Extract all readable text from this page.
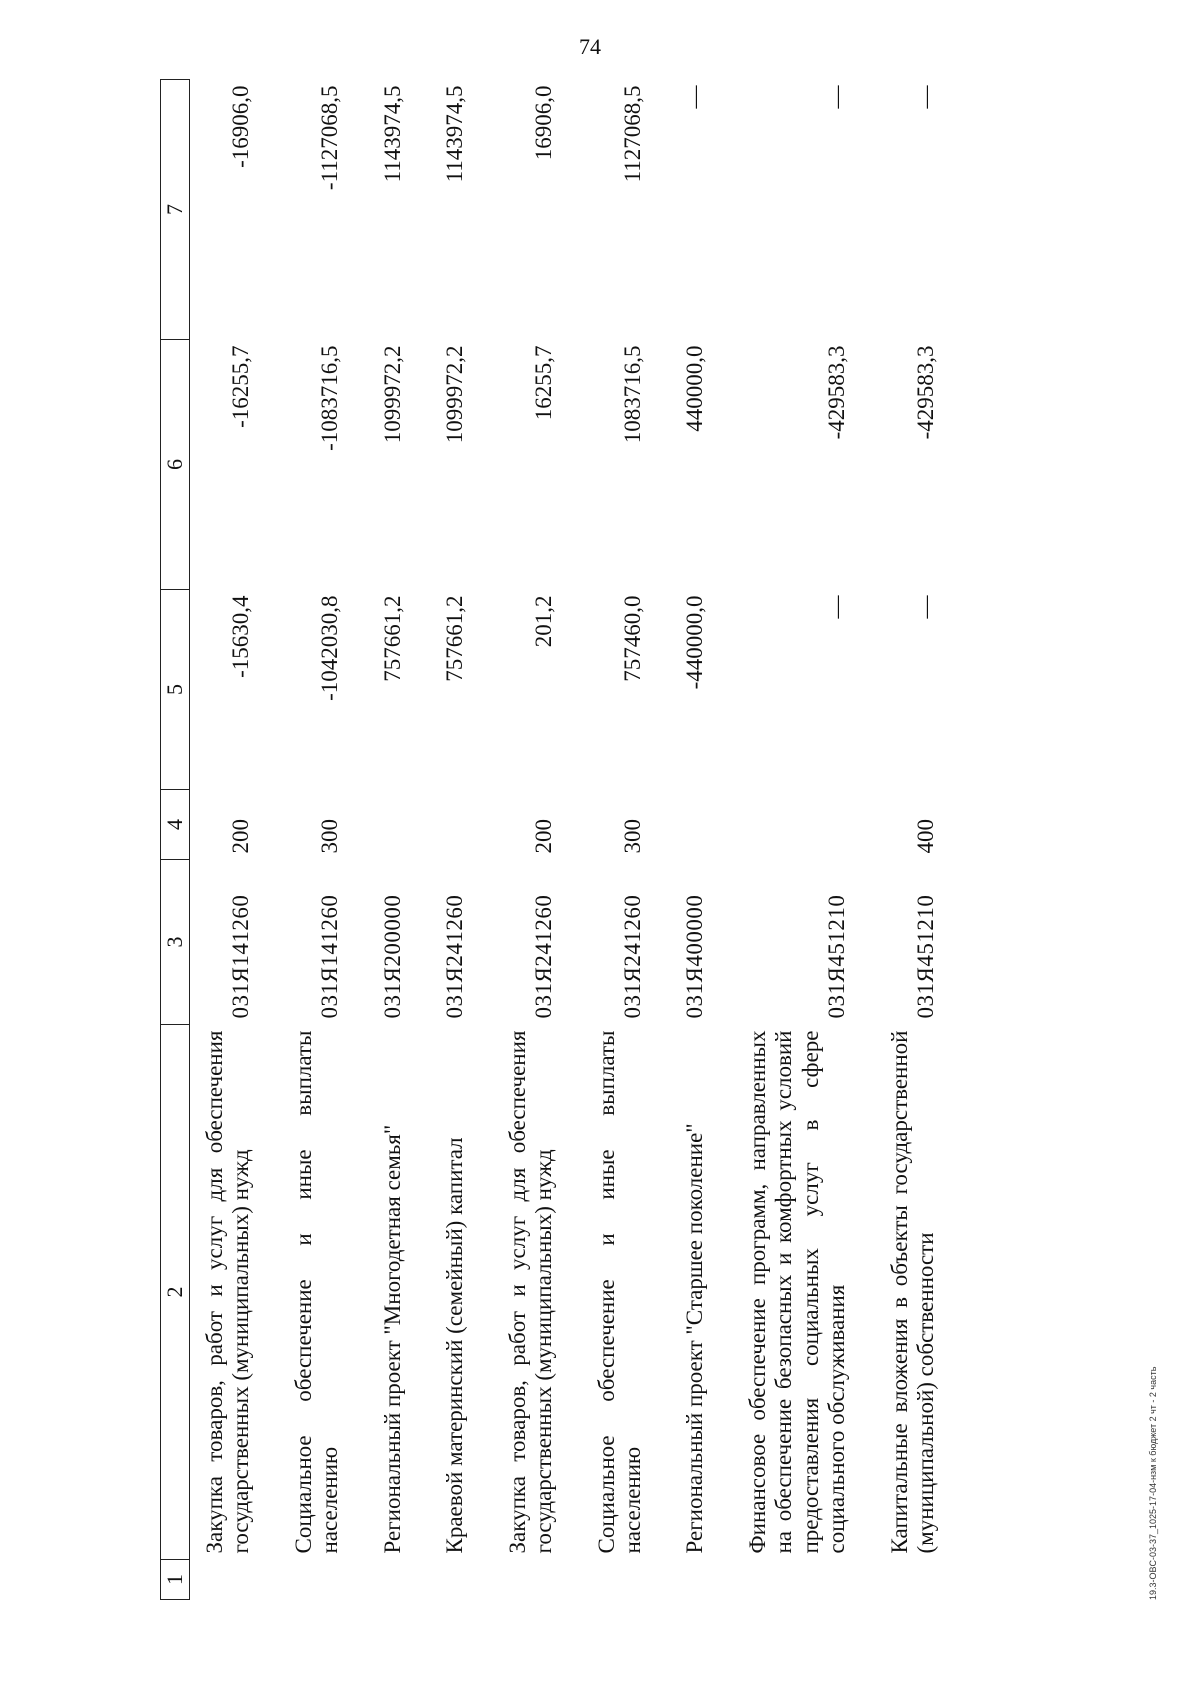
74
1	2	3	4	5	6	7
	Закупка товаров, работ и услуг для обеспечения государственных (муниципальных) нужд	031Я141260	200	-15630,4	-16255,7	-16906,0
	Социальное обеспечение и иные выплаты населению	031Я141260	300	-1042030,8	-1083716,5	-1127068,5
	Региональный проект "Многодетная семья"	031Я200000		757661,2	1099972,2	1143974,5
	Краевой материнский (семейный) капитал	031Я241260		757661,2	1099972,2	1143974,5
	Закупка товаров, работ и услуг для обеспечения государственных (муниципальных) нужд	031Я241260	200	201,2	16255,7	16906,0
	Социальное обеспечение и иные выплаты населению	031Я241260	300	757460,0	1083716,5	1127068,5
	Региональный проект "Старшее поколение"	031Я400000		-440000,0	440000,0	—
	Финансовое обеспечение программ, направленных на обеспечение безопасных и комфортных условий предоставления социальных услуг в сфере социального обслуживания	031Я451210		—	-429583,3	—
	Капитальные вложения в объекты государственной (муниципальной) собственности	031Я451210	400	—	-429583,3	—
19.3-OBC-03-37_1025-17-04-нзм к бюджет 2 чт - 2 часть
